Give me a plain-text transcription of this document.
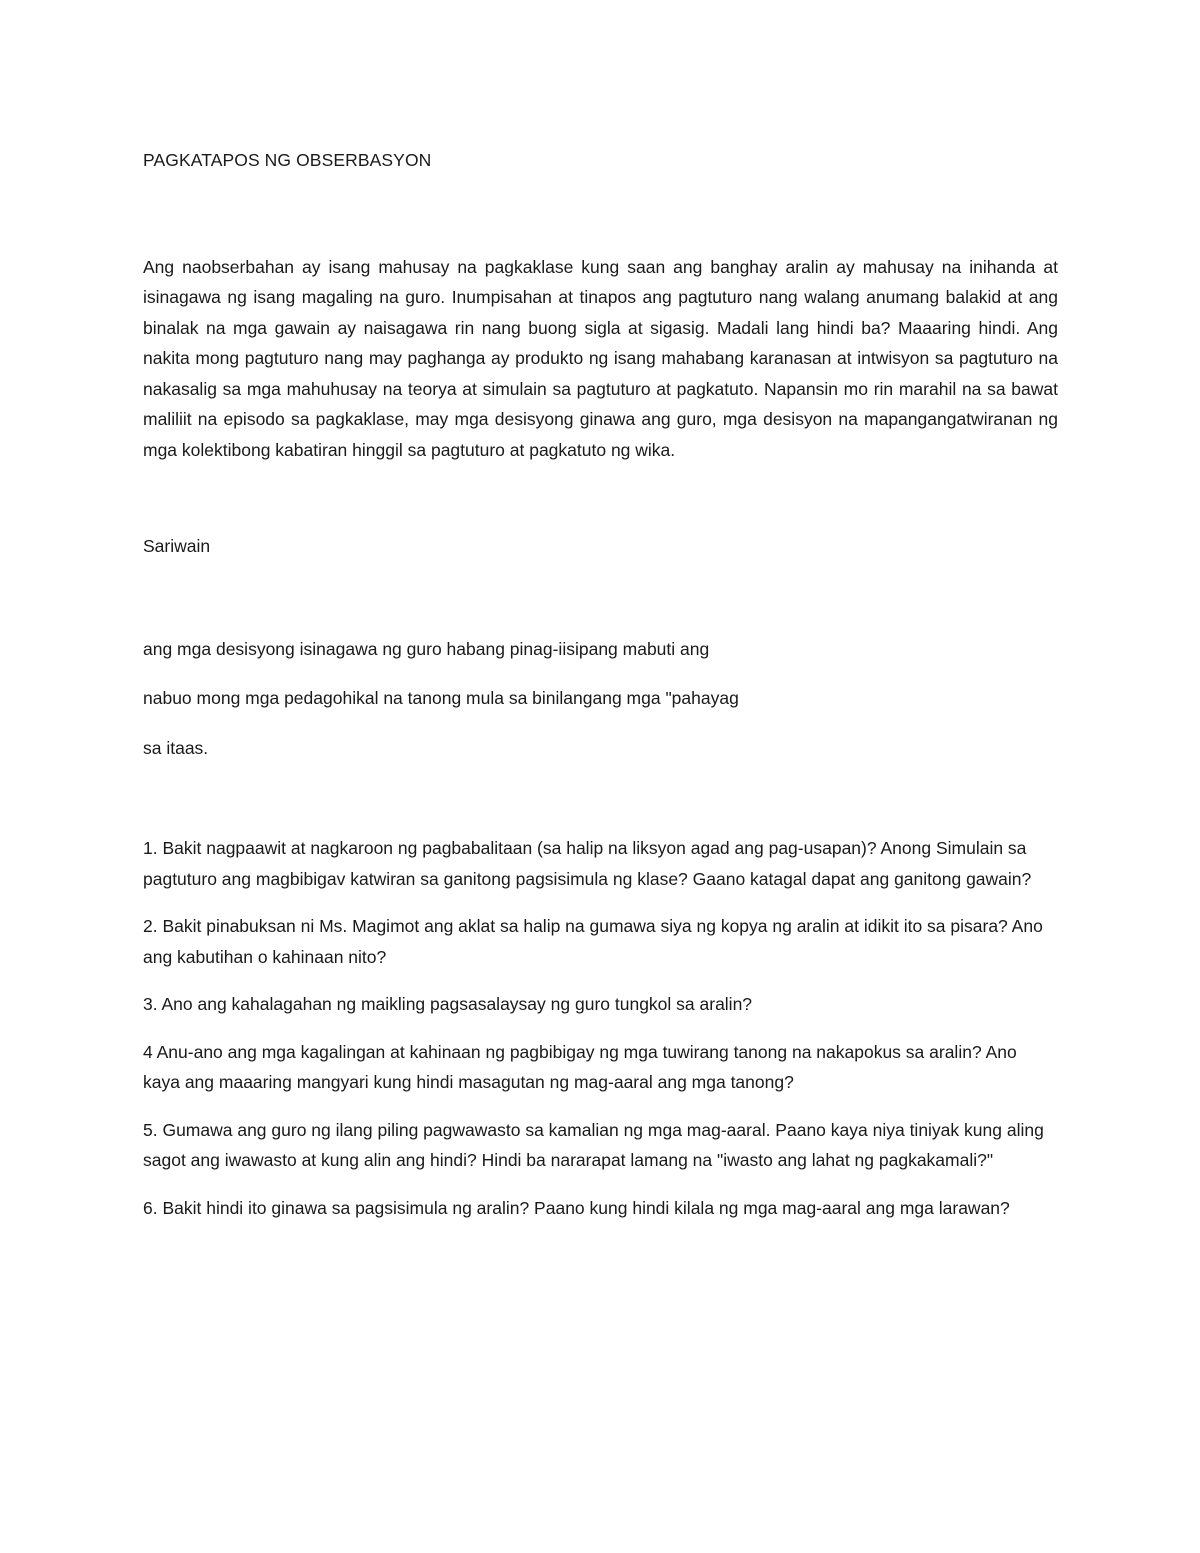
PAGKATAPOS NG OBSERBASYON

Ang naobserbahan ay isang mahusay na pagkaklase kung saan ang banghay aralin ay mahusay na inihanda at isinagawa ng isang magaling na guro. Inumpisahan at tinapos ang pagtuturo nang walang anumang balakid at ang binalak na mga gawain ay naisagawa rin nang buong sigla at sigasig. Madali lang hindi ba? Maaaring hindi. Ang nakita mong pagtuturo nang may paghanga ay produkto ng isang mahabang karanasan at intwisyon sa pagtuturo na nakasalig sa mga mahuhusay na teorya at simulain sa pagtuturo at pagkatuto. Napansin mo rin marahil na sa bawat maliliit na episodo sa pagkaklase, may mga desisyong ginawa ang guro, mga desisyon na mapangangatwiranan ng mga kolektibong kabatiran hinggil sa pagtuturo at pagkatuto ng wika.

Sariwain

ang mga desisyong isinagawa ng guro habang pinag-iisipang mabuti ang

nabuo mong mga pedagohikal na tanong mula sa binilangang mga "pahayag

sa itaas.

1. Bakit nagpaawit at nagkaroon ng pagbabalitaan (sa halip na liksyon agad ang pag-usapan)? Anong Simulain sa pagtuturo ang magbibigav katwiran sa ganitong pagsisimula ng klase? Gaano katagal dapat ang ganitong gawain?
2. Bakit pinabuksan ni Ms. Magimot ang aklat sa halip na gumawa siya ng kopya ng aralin at idikit ito sa pisara? Ano ang kabutihan o kahinaan nito?
3. Ano ang kahalagahan ng maikling pagsasalaysay ng guro tungkol sa aralin?
4 Anu-ano ang mga kagalingan at kahinaan ng pagbibigay ng mga tuwirang tanong na nakapokus sa aralin? Ano kaya ang maaaring mangyari kung hindi masagutan ng mag-aaral ang mga tanong?
5. Gumawa ang guro ng ilang piling pagwawasto sa kamalian ng mga mag-aaral. Paano kaya niya tiniyak kung aling sagot ang iwawasto at kung alin ang hindi? Hindi ba nararapat lamang na "iwasto ang lahat ng pagkakamali?"
6. Bakit hindi ito ginawa sa pagsisimula ng aralin? Paano kung hindi kilala ng mga mag-aaral ang mga larawan?
